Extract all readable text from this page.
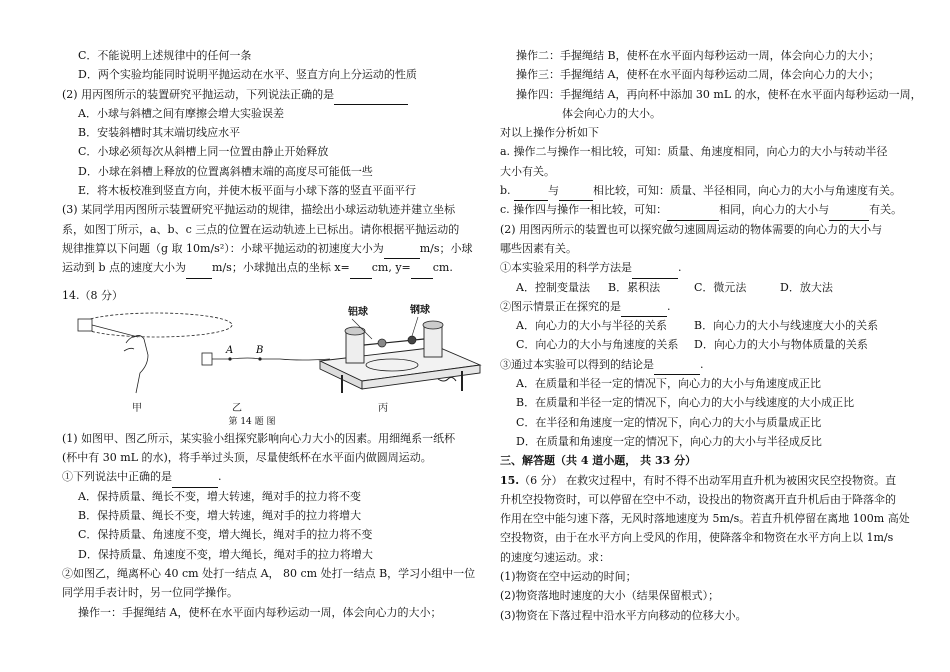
C．不能说明上述规律中的任何一条
D．两个实验均能同时说明平抛运动在水平、竖直方向上分运动的性质
(2) 用丙图所示的装置研究平抛运动，下列说法正确的是
A．小球与斜槽之间有摩擦会增大实验误差
B．安装斜槽时其末端切线应水平
C．小球必须每次从斜槽上同一位置由静止开始释放
D．小球在斜槽上释放的位置离斜槽末端的高度尽可能低一些
E．将木板校准到竖直方向，并使木板平面与小球下落的竖直平面平行
(3) 某同学用丙图所示装置研究平抛运动的规律，描绘出小球运动轨迹并建立坐标
系，如图丁所示，a、b、c 三点的位置在运动轨迹上已标出。请你根据平抛运动的
规律推算以下问题（g 取 10m/s²）：小球平抛运动的初速度大小为	m/s；小球
运动到 b 点的速度大小为 m/s；小球抛出点的坐标 x= cm, y= cm.
14.（8 分）
A B
铝球	钢球
甲	乙	丙
第 14 题 图
(1) 如图甲、图乙所示，某实验小组探究影响向心力大小的因素。用细绳系一纸杯
(杯中有 30 mL 的水)，将手举过头顶，尽量使纸杯在水平面内做圆周运动。
①下列说法中正确的是	.
A．保持质量、绳长不变，增大转速，绳对手的拉力将不变
B．保持质量、绳长不变，增大转速，绳对手的拉力将增大
C．保持质量、角速度不变，增大绳长，绳对手的拉力将不变
D．保持质量、角速度不变，增大绳长，绳对手的拉力将增大
②如图乙，绳离杯心 40 cm 处打一结点 A， 80 cm 处打一结点 B，学习小组中一位
同学用手表计时，另一位同学操作。
操作一：手握绳结 A，使杯在水平面内每秒运动一周，体会向心力的大小；
操作二：手握绳结 B，使杯在水平面内每秒运动一周，体会向心力的大小；
操作三：手握绳结 A，使杯在水平面内每秒运动二周，体会向心力的大小；
操作四：手握绳结 A，再向杯中添加 30 mL 的水，使杯在水平面内每秒运动一周，
体会向心力的大小。
对以上操作分析如下
a. 操作二与操作一相比较，可知：质量、角速度相同，向心力的大小与转动半径
大小有关。
b.	与	相比较，可知：质量、半径相同，向心力的大小与角速度有关。
c. 操作四与操作一相比较，可知：	相同，向心力的大小与	有关。
(2) 用图丙所示的装置也可以探究做匀速圆周运动的物体需要的向心力的大小与
哪些因素有关。
①本实验采用的科学方法是	.
A．控制变量法 B．累积法	C．微元法	D．放大法
②图示情景正在探究的是	.
A．向心力的大小与半径的关系 B．向心力的大小与线速度大小的关系
C．向心力的大小与角速度的关系 D．向心力的大小与物体质量的关系
③通过本实验可以得到的结论是	.
A．在质量和半径一定的情况下，向心力的大小与角速度成正比
B．在质量和半径一定的情况下，向心力的大小与线速度的大小成正比
C．在半径和角速度一定的情况下，向心力的大小与质量成正比
D．在质量和角速度一定的情况下，向心力的大小与半径成反比
三、解答题（共 4 道小题， 共 33 分）
15.（6 分） 在救灾过程中，有时不得不出动军用直升机为被困灾民空投物资。直
升机空投物资时，可以停留在空中不动，设投出的物资离开直升机后由于降落伞的
作用在空中能匀速下落，无风时落地速度为 5m/s。若直升机停留在离地 100m 高处
空投物资，由于在水平方向上受风的作用，使降落伞和物资在水平方向上以 1m/s
的速度匀速运动。求：
(1)物资在空中运动的时间；
(2)物资落地时速度的大小（结果保留根式）；
(3)物资在下落过程中沿水平方向移动的位移大小。
